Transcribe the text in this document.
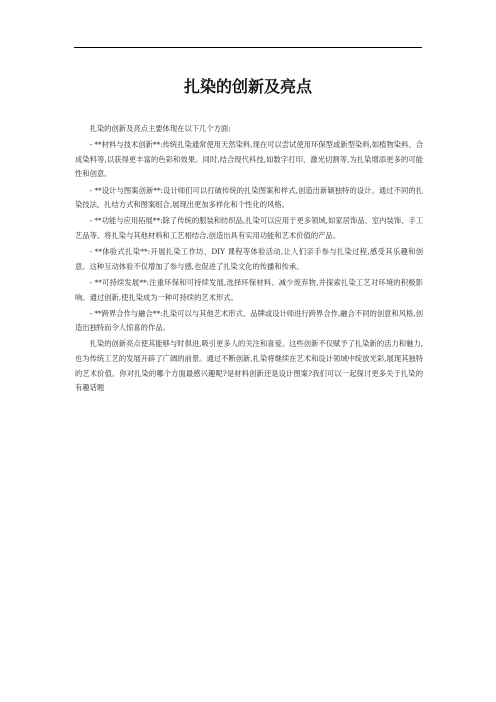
扎染的创新及亮点

扎染的创新及亮点主要体现在以下几个方面:

- **材料与技术创新**:传统扎染通常使用天然染料,现在可以尝试使用环保型或新型染料,如植物染料、合成染料等,以获得更丰富的色彩和效果。同时,结合现代科技,如数字打印、激光切割等,为扎染增添更多的可能性和创意。

- **设计与图案创新**:设计师们可以打破传统的扎染图案和样式,创造出新颖独特的设计。通过不同的扎染技法、扎结方式和图案组合,展现出更加多样化和个性化的风格。

- **功能与应用拓展**:除了传统的服装和纺织品,扎染可以应用于更多领域,如家居饰品、室内装饰、手工艺品等。将扎染与其他材料和工艺相结合,创造出具有实用功能和艺术价值的产品。

- **体验式扎染**:开展扎染工作坊、DIY 课程等体验活动,让人们亲手参与扎染过程,感受其乐趣和创意。这种互动体验不仅增加了参与感,也促进了扎染文化的传播和传承。

- **可持续发展**:注重环保和可持续发展,选择环保材料、减少废弃物,并探索扎染工艺对环境的积极影响。通过创新,使扎染成为一种可持续的艺术形式。

- **跨界合作与融合**:扎染可以与其他艺术形式、品牌或设计师进行跨界合作,融合不同的创意和风格,创造出独特而令人惊喜的作品。

扎染的创新亮点使其能够与时俱进,吸引更多人的关注和喜爱。这些创新不仅赋予了扎染新的活力和魅力,也为传统工艺的发展开辟了广阔的前景。通过不断创新,扎染将继续在艺术和设计领域中绽放光彩,展现其独特的艺术价值。你对扎染的哪个方面最感兴趣呢?是材料创新还是设计图案?我们可以一起探讨更多关于扎染的有趣话题
